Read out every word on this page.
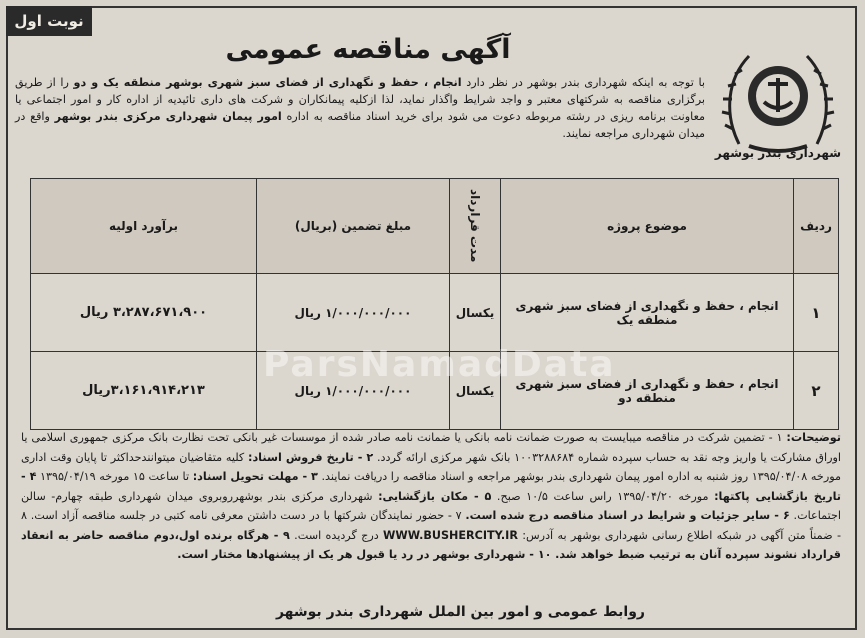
نوبت اول
شهرداری بندر بوشهر
آگهی مناقصه عمومی
با توجه به اینکه شهرداری بندر بوشهر در نظر دارد انجام ، حفظ و نگهداری از فضای سبز شهری بوشهر منطقه یک و دو را از طریق برگزاری مناقصه به شرکتهای معتبر و واجد شرایط واگذار نماید، لذا ازکلیه پیمانکاران و شرکت های داری تائیدیه از اداره کار و امور اجتماعی یا معاونت برنامه ریزی در رشته مربوطه دعوت می شود برای خرید اسناد مناقصه به اداره امور پیمان شهرداری مرکزی بندر بوشهر واقع در میدان شهرداری مراجعه نمایند.
ردیف	موضوع پروژه	مدت قرارداد	مبلغ تضمین (بریال)	برآورد اولیه
۱	انجام ، حفظ و نگهداری از فضای سبز شهری منطقه یک	یکسال	۱/۰۰۰/۰۰۰/۰۰۰ ریال	۳،۲۸۷،۶۷۱،۹۰۰ ریال
۲	انجام ، حفظ و نگهداری از فضای سبز شهری منطقه دو	یکسال	۱/۰۰۰/۰۰۰/۰۰۰ ریال	۳،۱۶۱،۹۱۴،۲۱۳ریال
ParsNamadData
توضیحات: ۱ - تضمین شرکت در مناقصه میبایست به صورت ضمانت نامه بانکی یا ضمانت نامه صادر شده از موسسات غیر بانکی تحت نظارت بانک مرکزی جمهوری اسلامی یا اوراق مشارکت یا واریز وجه نقد به حساب سپرده شماره ۱۰۰۳۲۸۸۶۸۴ بانک شهر مرکزی ارائه گردد. ۲ - تاریخ فروش اسناد: کلیه متقاضیان میتوانندحداکثر تا پایان وقت اداری مورخه ۱۳۹۵/۰۴/۰۸ روز شنبه به اداره امور پیمان شهرداری بندر بوشهر مراجعه و اسناد مناقصه را دریافت نمایند. ۳ - مهلت تحویل اسناد: تا ساعت ۱۵ مورخه ۱۳۹۵/۰۴/۱۹ ۴ - تاریخ بازگشایی پاکتها: مورخه ۱۳۹۵/۰۴/۲۰ راس ساعت ۱۰/۵ صبح. ۵ - مکان بازگشایی: شهرداری مرکزی بندر بوشهرروبروی میدان شهرداری طبقه چهارم- سالن اجتماعات. ۶ - سایر جزئیات و شرایط در اسناد مناقصه درج شده است. ۷ - حضور نمایندگان شرکتها با در دست داشتن معرفی نامه کتبی در جلسه مناقصه آزاد است. ۸ - ضمناً متن آگهی در شبکه اطلاع رسانی شهرداری بوشهر به آدرس: WWW.BUSHERCITY.IR درج گردیده است. ۹ - هرگاه برنده اول،دوم مناقصه حاضر به انعقاد قرارداد نشوند سپرده آنان به ترتیب ضبط خواهد شد. ۱۰ - شهرداری بوشهر در رد یا قبول هر یک از پیشنهادها مختار است.
روابط عمومی و امور بین الملل شهرداری بندر بوشهر
